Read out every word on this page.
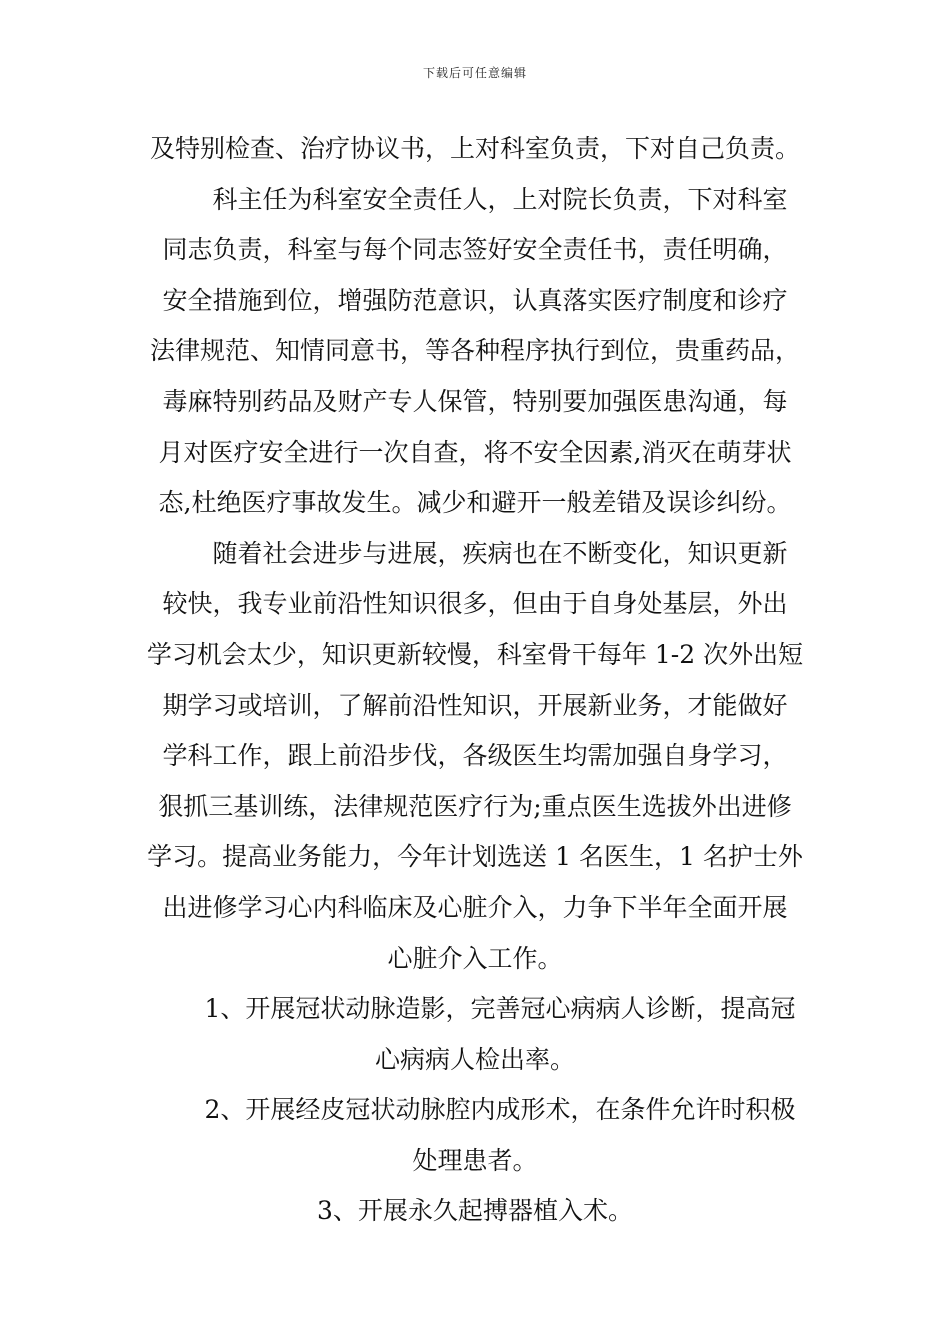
下载后可任意编辑
及特别检查、治疗协议书，上对科室负责，下对自己负责。
科主任为科室安全责任人，上对院长负责，下对科室
同志负责，科室与每个同志签好安全责任书，责任明确，
安全措施到位，增强防范意识，认真落实医疗制度和诊疗
法律规范、知情同意书，等各种程序执行到位，贵重药品，
毒麻特别药品及财产专人保管，特别要加强医患沟通，每
月对医疗安全进行一次自查，将不安全因素,消灭在萌芽状
态,杜绝医疗事故发生。减少和避开一般差错及误诊纠纷。
随着社会进步与进展，疾病也在不断变化，知识更新
较快，我专业前沿性知识很多，但由于自身处基层，外出
学习机会太少，知识更新较慢，科室骨干每年 1-2 次外出短
期学习或培训，了解前沿性知识，开展新业务，才能做好
学科工作，跟上前沿步伐，各级医生均需加强自身学习，
狠抓三基训练，法律规范医疗行为;重点医生选拔外出进修
学习。提高业务能力，今年计划选送 1 名医生，1 名护士外
出进修学习心内科临床及心脏介入，力争下半年全面开展
心脏介入工作。
1、开展冠状动脉造影，完善冠心病病人诊断，提高冠
心病病人检出率。
2、开展经皮冠状动脉腔内成形术，在条件允许时积极
处理患者。
3、开展永久起搏器植入术。
